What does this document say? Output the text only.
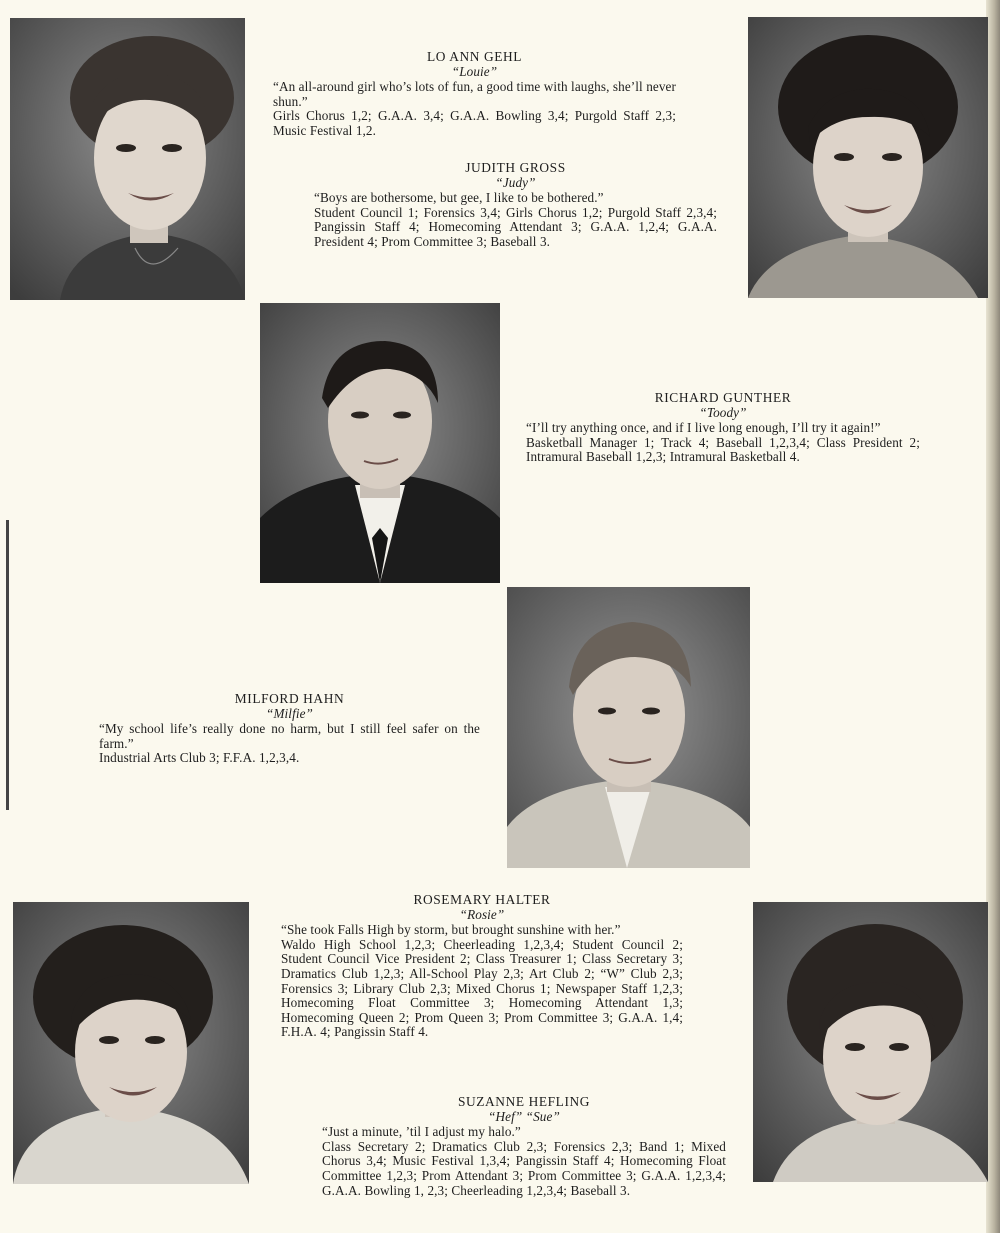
LO ANN GEHL

“Louie”

“An all-around girl who’s lots of fun, a good time with laughs, she’ll never shun.”

Girls Chorus 1,2; G.A.A. 3,4; G.A.A. Bowling 3,4; Purgold Staff 2,3; Music Festival 1,2.

JUDITH GROSS

“Judy”

“Boys are bothersome, but gee, I like to be bothered.”

Student Council 1; Forensics 3,4; Girls Chorus 1,2; Purgold Staff 2,3,4; Pangissin Staff 4; Homecoming Attendant 3; G.A.A. 1,2,4; G.A.A. President 4; Prom Committee 3; Baseball 3.

RICHARD GUNTHER

“Toody”

“I’ll try anything once, and if I live long enough, I’ll try it again!”

Basketball Manager 1; Track 4; Baseball 1,2,3,4; Class President 2; Intramural Baseball 1,2,3; Intramural Basketball 4.

MILFORD HAHN

“Milfie”

“My school life’s really done no harm, but I still feel safer on the farm.”

Industrial Arts Club 3; F.F.A. 1,2,3,4.

ROSEMARY HALTER

“Rosie”

“She took Falls High by storm, but brought sunshine with her.”

Waldo High School 1,2,3; Cheerleading 1,2,3,4; Student Council 2; Student Council Vice President 2; Class Treasurer 1; Class Secretary 3; Dramatics Club 1,2,3; All-School Play 2,3; Art Club 2; “W” Club 2,3; Forensics 3; Library Club 2,3; Mixed Chorus 1; Newspaper Staff 1,2,3; Homecoming Float Committee 3; Homecoming Attendant 1,3; Homecoming Queen 2; Prom Queen 3; Prom Committee 3; G.A.A. 1,4; F.H.A. 4; Pangissin Staff 4.

SUZANNE HEFLING

“Hef” “Sue”

“Just a minute, ’til I adjust my halo.”

Class Secretary 2; Dramatics Club 2,3; Forensics 2,3; Band 1; Mixed Chorus 3,4; Music Festival 1,3,4; Pangissin Staff 4; Homecoming Float Committee 1,2,3; Prom Attendant 3; Prom Committee 3; G.A.A. 1,2,3,4; G.A.A. Bowling 1, 2,3; Cheerleading 1,2,3,4; Baseball 3.
